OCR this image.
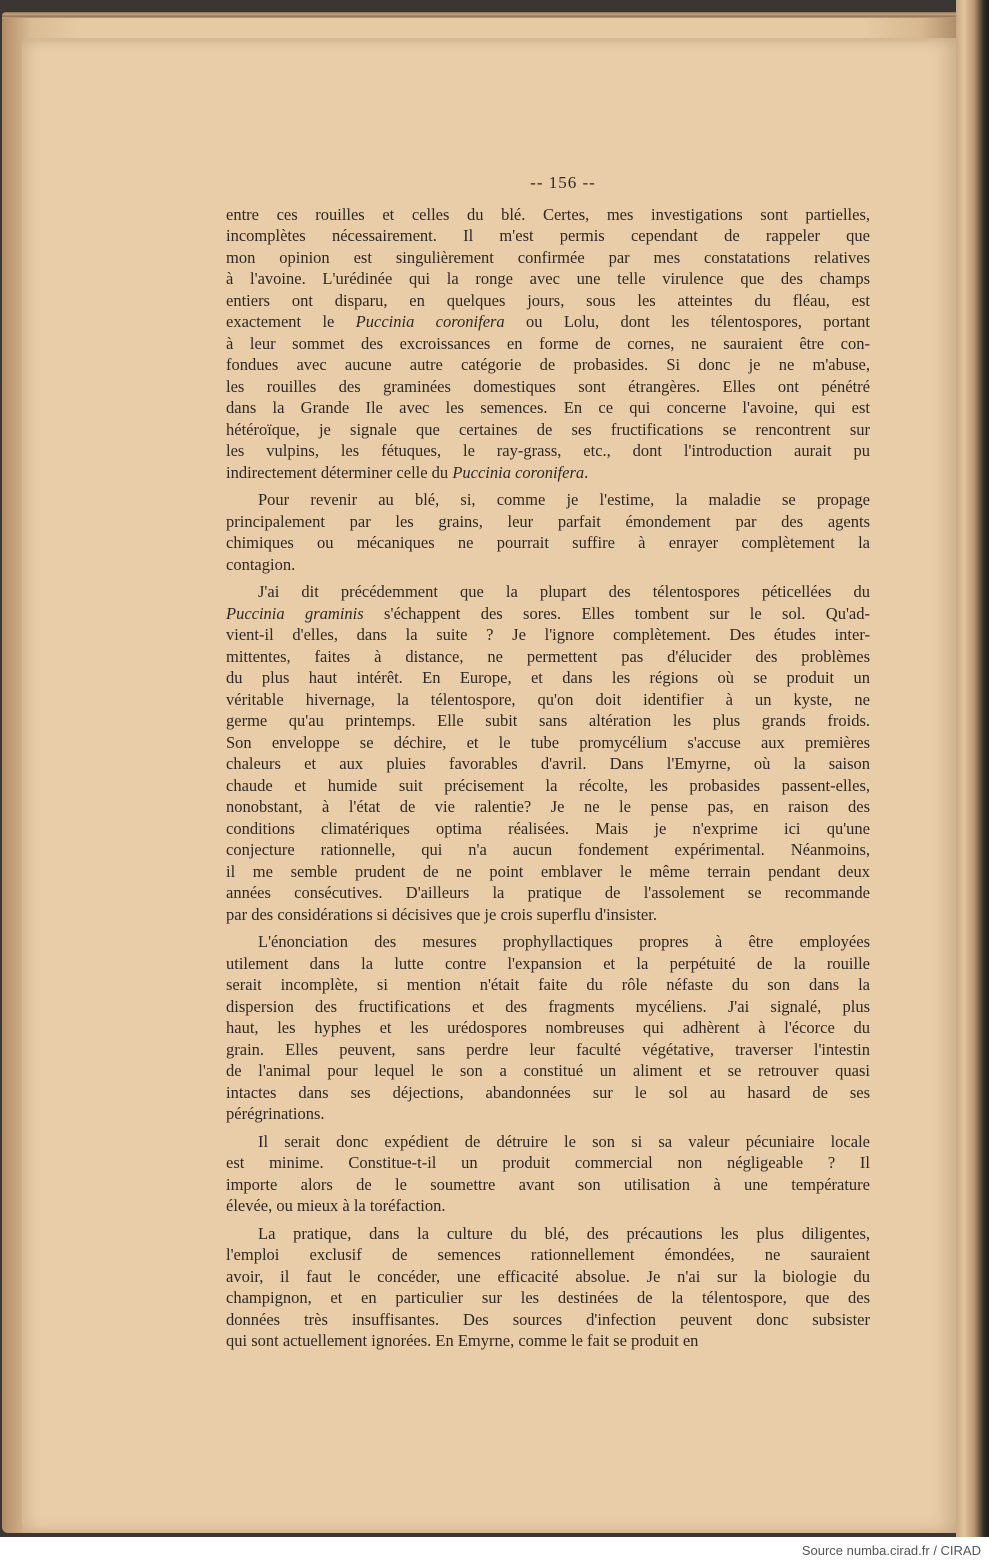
-- 156 --
entre ces rouilles et celles du blé. Certes, mes investigations sont partielles,
incomplètes nécessairement. Il m'est permis cependant de rappeler que
mon opinion est singulièrement confirmée par mes constatations relatives
à l'avoine. L'urédinée qui la ronge avec une telle virulence que des champs
entiers ont disparu, en quelques jours, sous les atteintes du fléau, est
exactement le Puccinia coronifera ou Lolu, dont les télentospores, portant
à leur sommet des excroissances en forme de cornes, ne sauraient être con-
fondues avec aucune autre catégorie de probasides. Si donc je ne m'abuse,
les rouilles des graminées domestiques sont étrangères. Elles ont pénétré
dans la Grande Ile avec les semences. En ce qui concerne l'avoine, qui est
hétéroïque, je signale que certaines de ses fructifications se rencontrent sur
les vulpins, les fétuques, le ray-grass, etc., dont l'introduction aurait pu
indirectement déterminer celle du Puccinia coronifera.
Pour revenir au blé, si, comme je l'estime, la maladie se propage
principalement par les grains, leur parfait émondement par des agents
chimiques ou mécaniques ne pourrait suffire à enrayer complètement la
contagion.
J'ai dit précédemment que la plupart des télentospores péticellées du
Puccinia graminis s'échappent des sores. Elles tombent sur le sol. Qu'ad-
vient-il d'elles, dans la suite ? Je l'ignore complètement. Des études inter-
mittentes, faites à distance, ne permettent pas d'élucider des problèmes
du plus haut intérêt. En Europe, et dans les régions où se produit un
véritable hivernage, la télentospore, qu'on doit identifier à un kyste, ne
germe qu'au printemps. Elle subit sans altération les plus grands froids.
Son enveloppe se déchire, et le tube promycélium s'accuse aux premières
chaleurs et aux pluies favorables d'avril. Dans l'Emyrne, où la saison
chaude et humide suit précisement la récolte, les probasides passent-elles,
nonobstant, à l'état de vie ralentie? Je ne le pense pas, en raison des
conditions climatériques optima réalisées. Mais je n'exprime ici qu'une
conjecture rationnelle, qui n'a aucun fondement expérimental. Néanmoins,
il me semble prudent de ne point emblaver le même terrain pendant deux
années consécutives. D'ailleurs la pratique de l'assolement se recommande
par des considérations si décisives que je crois superflu d'insister.
L'énonciation des mesures prophyllactiques propres à être employées
utilement dans la lutte contre l'expansion et la perpétuité de la rouille
serait incomplète, si mention n'était faite du rôle néfaste du son dans la
dispersion des fructifications et des fragments mycéliens. J'ai signalé, plus
haut, les hyphes et les urédospores nombreuses qui adhèrent à l'écorce du
grain. Elles peuvent, sans perdre leur faculté végétative, traverser l'intestin
de l'animal pour lequel le son a constitué un aliment et se retrouver quasi
intactes dans ses déjections, abandonnées sur le sol au hasard de ses
pérégrinations.
Il serait donc expédient de détruire le son si sa valeur pécuniaire locale
est minime. Constitue-t-il un produit commercial non négligeable ? Il
importe alors de le soumettre avant son utilisation à une température
élevée, ou mieux à la toréfaction.
La pratique, dans la culture du blé, des précautions les plus diligentes,
l'emploi exclusif de semences rationnellement émondées, ne sauraient
avoir, il faut le concéder, une efficacité absolue. Je n'ai sur la biologie du
champignon, et en particulier sur les destinées de la télentospore, que des
données très insuffisantes. Des sources d'infection peuvent donc subsister
qui sont actuellement ignorées. En Emyrne, comme le fait se produit en
Source numba.cirad.fr / CIRAD
